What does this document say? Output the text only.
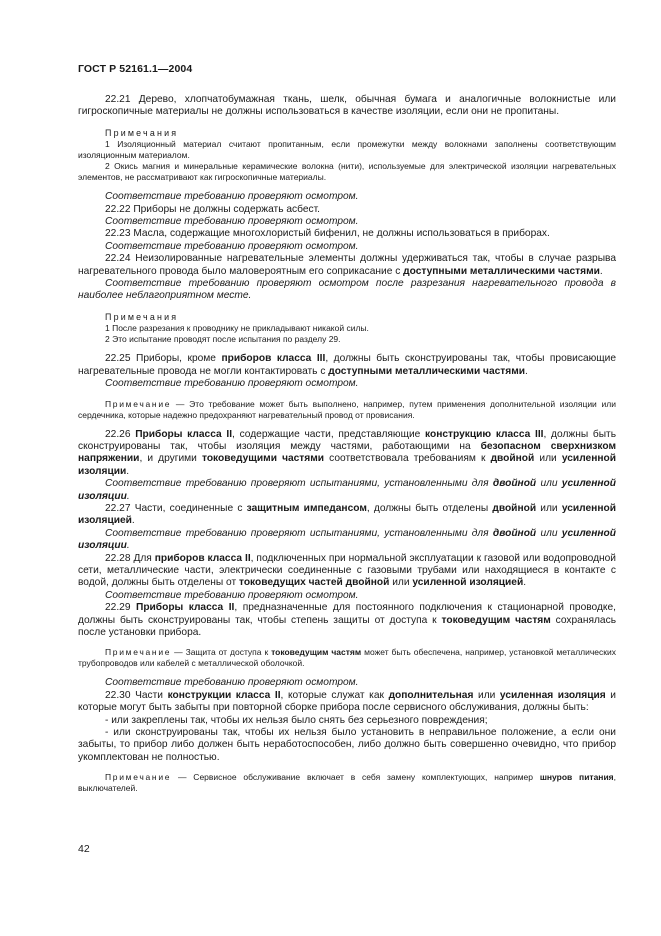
ГОСТ Р 52161.1—2004

22.21 Дерево, хлопчатобумажная ткань, шелк, обычная бумага и аналогичные волокнистые или гигроскопичные материалы не должны использоваться в качестве изоляции, если они не пропитаны.

Примечания

1 Изоляционный материал считают пропитанным, если промежутки между волокнами заполнены соответствующим изоляционным материалом.

2 Окись магния и минеральные керамические волокна (нити), используемые для электрической изоляции нагревательных элементов, не рассматривают как гигроскопичные материалы.

Соответствие требованию проверяют осмотром.

22.22 Приборы не должны содержать асбест.

Соответствие требованию проверяют осмотром.

22.23 Масла, содержащие многохлористый бифенил, не должны использоваться в приборах.

Соответствие требованию проверяют осмотром.

22.24 Неизолированные нагревательные элементы должны удерживаться так, чтобы в случае разрыва нагревательного провода было маловероятным его соприкасание с доступными металлическими частями.

Соответствие требованию проверяют осмотром после разрезания нагревательного провода в наиболее неблагоприятном месте.

Примечания

1 После разрезания к проводнику не прикладывают никакой силы.

2 Это испытание проводят после испытания по разделу 29.

22.25 Приборы, кроме приборов класса III, должны быть сконструированы так, чтобы провисающие нагревательные провода не могли контактировать с доступными металлическими частями.

Соответствие требованию проверяют осмотром.

Примечание — Это требование может быть выполнено, например, путем применения дополнительной изоляции или сердечника, которые надежно предохраняют нагревательный провод от провисания.

22.26 Приборы класса II, содержащие части, представляющие конструкцию класса III, должны быть сконструированы так, чтобы изоляция между частями, работающими на безопасном сверхнизком напряжении, и другими токоведущими частями соответствовала требованиям к двойной или усиленной изоляции.

Соответствие требованию проверяют испытаниями, установленными для двойной или усиленной изоляции.

22.27 Части, соединенные с защитным импедансом, должны быть отделены двойной или усиленной изоляцией.

Соответствие требованию проверяют испытаниями, установленными для двойной или усиленной изоляции.

22.28 Для приборов класса II, подключенных при нормальной эксплуатации к газовой или водопроводной сети, металлические части, электрически соединенные с газовыми трубами или находящиеся в контакте с водой, должны быть отделены от токоведущих частей двойной или усиленной изоляцией.

Соответствие требованию проверяют осмотром.

22.29 Приборы класса II, предназначенные для постоянного подключения к стационарной проводке, должны быть сконструированы так, чтобы степень защиты от доступа к токоведущим частям сохранялась после установки прибора.

Примечание — Защита от доступа к токоведущим частям может быть обеспечена, например, установкой металлических трубопроводов или кабелей с металлической оболочкой.

Соответствие требованию проверяют осмотром.

22.30 Части конструкции класса II, которые служат как дополнительная или усиленная изоляция и которые могут быть забыты при повторной сборке прибора после сервисного обслуживания, должны быть:

- или закреплены так, чтобы их нельзя было снять без серьезного повреждения;

- или сконструированы так, чтобы их нельзя было установить в неправильное положение, а если они забыты, то прибор либо должен быть неработоспособен, либо должно быть совершенно очевидно, что прибор укомплектован не полностью.

Примечание — Сервисное обслуживание включает в себя замену комплектующих, например шнуров питания, выключателей.

42
